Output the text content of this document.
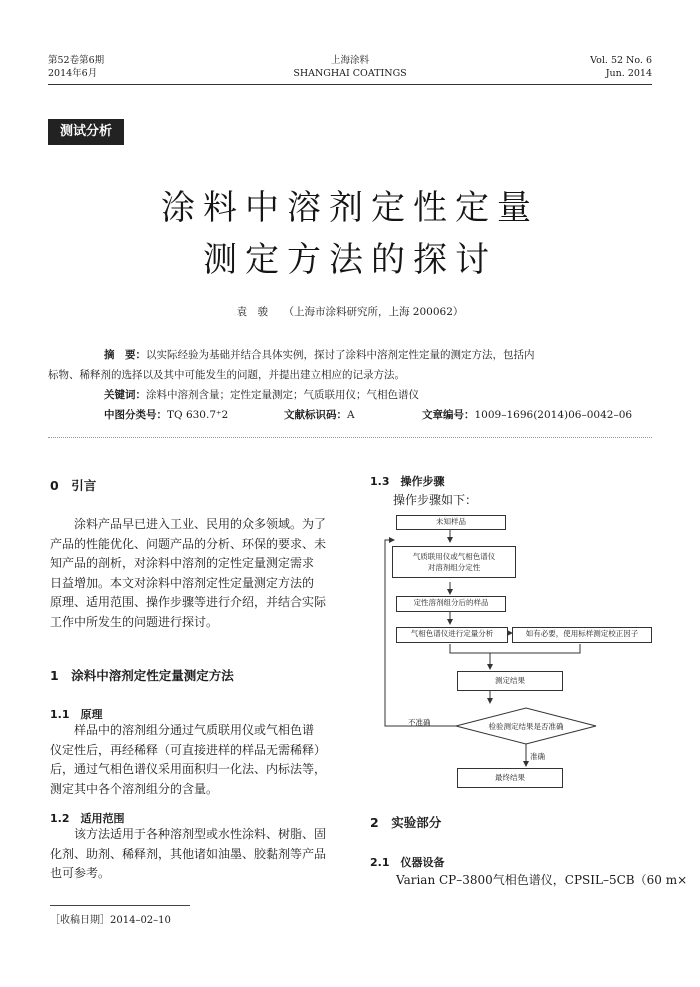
第52卷第6期
2014年6月
上海涂料
SHANGHAI COATINGS
Vol. 52 No. 6
Jun. 2014
测试分析
涂料中溶剂定性定量
测定方法的探讨
袁　骏 （上海市涂料研究所，上海 200062）
摘　要：以实际经验为基础并结合具体实例，探讨了涂料中溶剂定性定量的测定方法，包括内
标物、稀释剂的选择以及其中可能发生的问题，并提出建立相应的记录方法。
关键词：涂料中溶剂含量；定性定量测定；气质联用仪；气相色谱仪
中图分类号：TQ 630.7⁺2	文献标识码：A	文章编号：1009–1696(2014)06–0042–06
0　引言
涂料产品早已进入工业、民用的众多领域。为了
产品的性能优化、问题产品的分析、环保的要求、未
知产品的剖析，对涂料中溶剂的定性定量测定需求
日益增加。本文对涂料中溶剂定性定量测定方法的
原理、适用范围、操作步骤等进行介绍，并结合实际
工作中所发生的问题进行探讨。
1　涂料中溶剂定性定量测定方法
1.1　原理
样品中的溶剂组分通过气质联用仪或气相色谱
仪定性后，再经稀释（可直接进样的样品无需稀释）
后，通过气相色谱仪采用面积归一化法、内标法等，
测定其中各个溶剂组分的含量。
1.2　适用范围
该方法适用于各种溶剂型或水性涂料、树脂、固
化剂、助剂、稀释剂，其他诸如油墨、胶黏剂等产品
也可参考。
［收稿日期］2014–02–10
1.3　操作步骤
操作步骤如下：
未知样品
气质联用仪或气相色谱仪
对溶剂组分定性
定性溶剂组分后的样品
气相色谱仪进行定量分析	如有必要，使用标样测定校正因子
测定结果
检验测定结果是否准确
不准确
准确
最终结果
2　实验部分
2.1　仪器设备
Varian CP–3800气相色谱仪，CPSIL–5CB（60 m×
